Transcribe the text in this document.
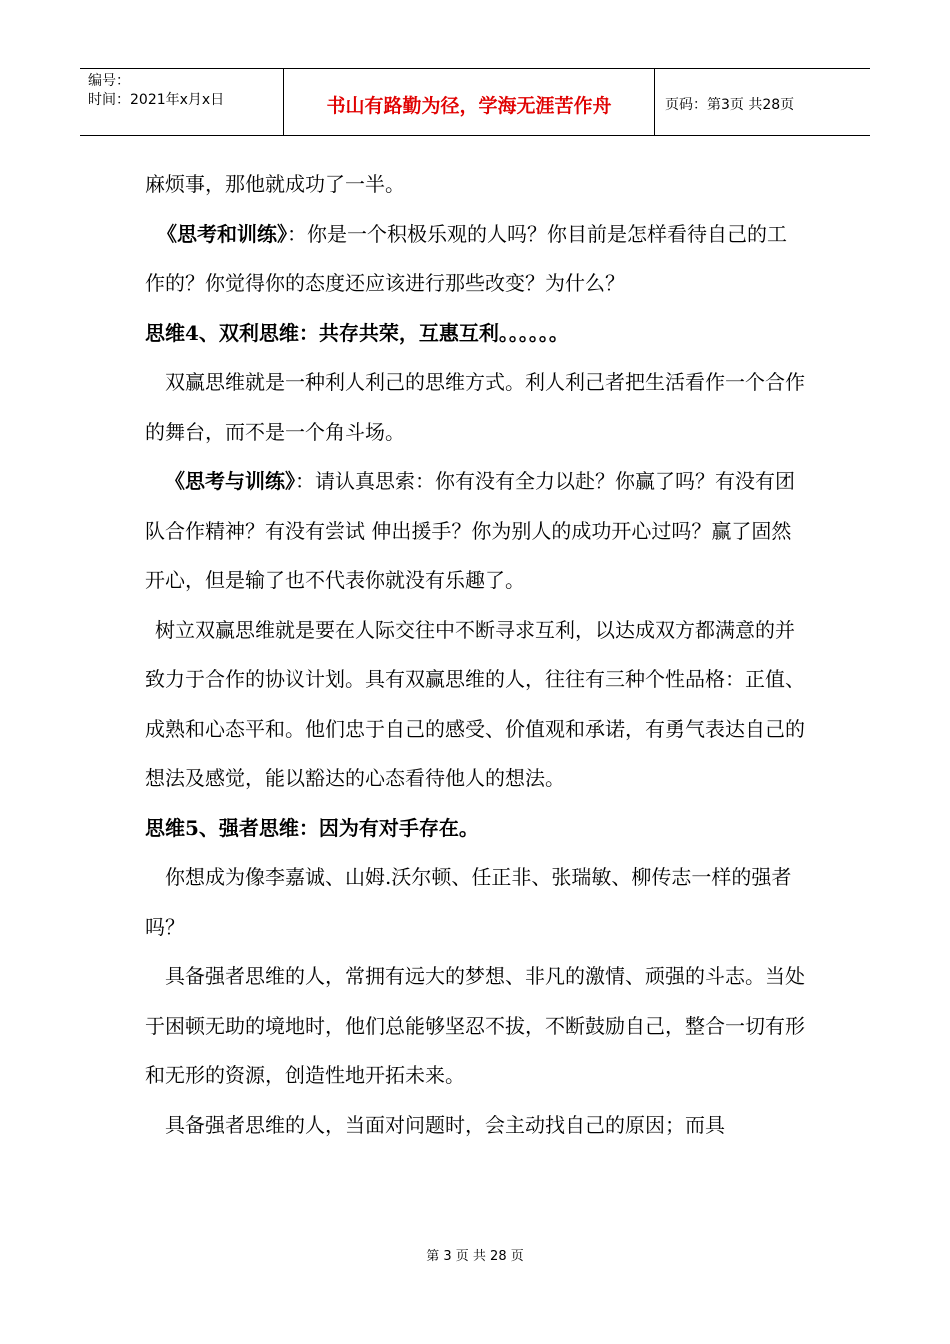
编号：
时间：2021年x月x日	书山有路勤为径，学海无涯苦作舟	页码：第3页 共28页

麻烦事，那他就成功了一半。

《思考和训练》：你是一个积极乐观的人吗？你目前是怎样看待自己的工作的？你觉得你的态度还应该进行那些改变？为什么？

思维4、双利思维：共存共荣，互惠互利。。。。。。

双赢思维就是一种利人利己的思维方式。利人利己者把生活看作一个合作的舞台，而不是一个角斗场。

《思考与训练》：请认真思索：你有没有全力以赴？你赢了吗？有没有团队合作精神？有没有尝试 伸出援手？你为别人的成功开心过吗？赢了固然开心，但是输了也不代表你就没有乐趣了。

树立双赢思维就是要在人际交往中不断寻求互利，以达成双方都满意的并致力于合作的协议计划。具有双赢思维的人，往往有三种个性品格：正值、成熟和心态平和。他们忠于自己的感受、价值观和承诺，有勇气表达自己的想法及感觉，能以豁达的心态看待他人的想法。

思维5、强者思维：因为有对手存在。

你想成为像李嘉诚、山姆.沃尔顿、任正非、张瑞敏、柳传志一样的强者吗？

具备强者思维的人，常拥有远大的梦想、非凡的激情、顽强的斗志。当处于困顿无助的境地时，他们总能够坚忍不拔，不断鼓励自己，整合一切有形和无形的资源，创造性地开拓未来。

具备强者思维的人，当面对问题时，会主动找自己的原因；而具

第 3 页 共 28 页
